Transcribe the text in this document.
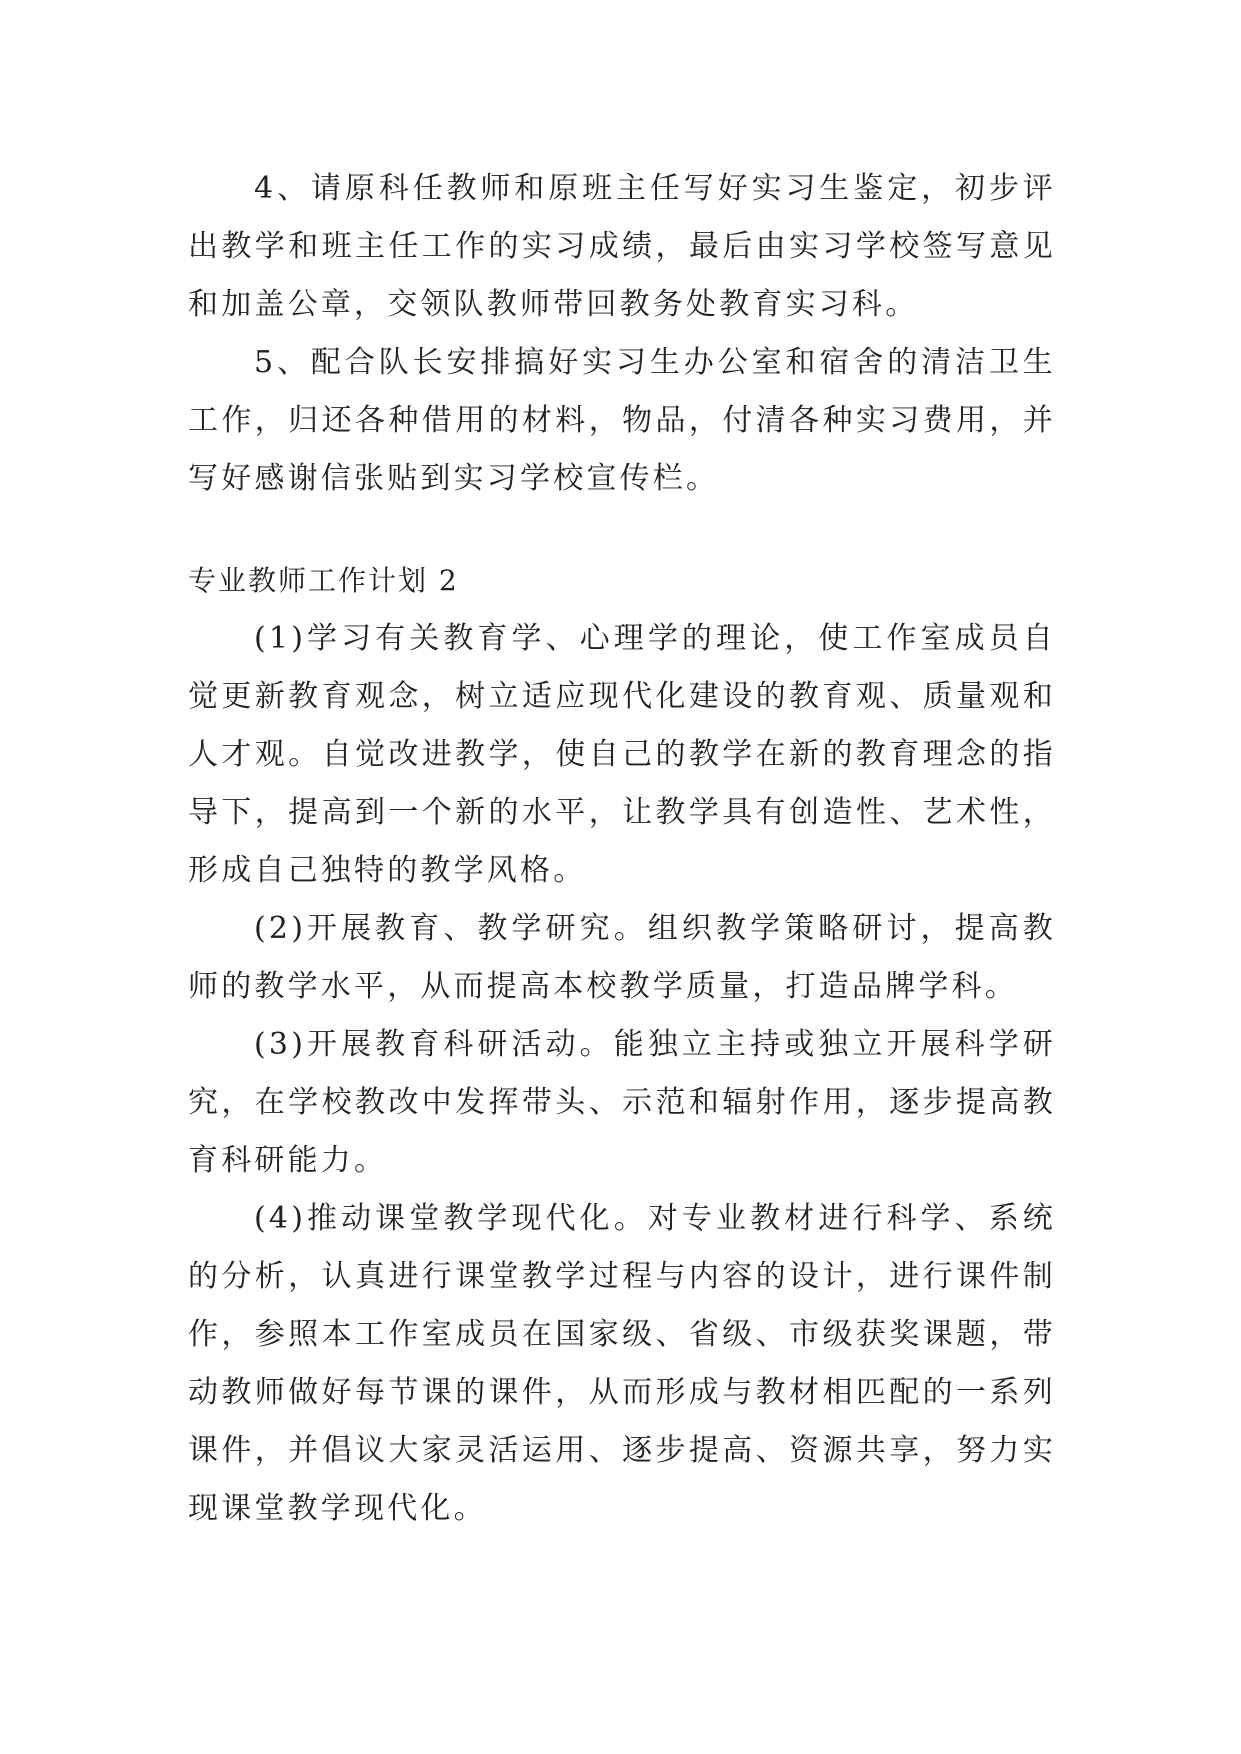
4、请原科任教师和原班主任写好实习生鉴定，初步评出教学和班主任工作的实习成绩，最后由实习学校签写意见和加盖公章，交领队教师带回教务处教育实习科。

5、配合队长安排搞好实习生办公室和宿舍的清洁卫生工作，归还各种借用的材料，物品，付清各种实习费用，并写好感谢信张贴到实习学校宣传栏。

专业教师工作计划 2

(1)学习有关教育学、心理学的理论，使工作室成员自觉更新教育观念，树立适应现代化建设的教育观、质量观和人才观。自觉改进教学，使自己的教学在新的教育理念的指导下，提高到一个新的水平，让教学具有创造性、艺术性，形成自己独特的教学风格。

(2)开展教育、教学研究。组织教学策略研讨，提高教师的教学水平，从而提高本校教学质量，打造品牌学科。

(3)开展教育科研活动。能独立主持或独立开展科学研究，在学校教改中发挥带头、示范和辐射作用，逐步提高教育科研能力。

(4)推动课堂教学现代化。对专业教材进行科学、系统的分析，认真进行课堂教学过程与内容的设计，进行课件制作，参照本工作室成员在国家级、省级、市级获奖课题，带动教师做好每节课的课件，从而形成与教材相匹配的一系列课件，并倡议大家灵活运用、逐步提高、资源共享，努力实现课堂教学现代化。
